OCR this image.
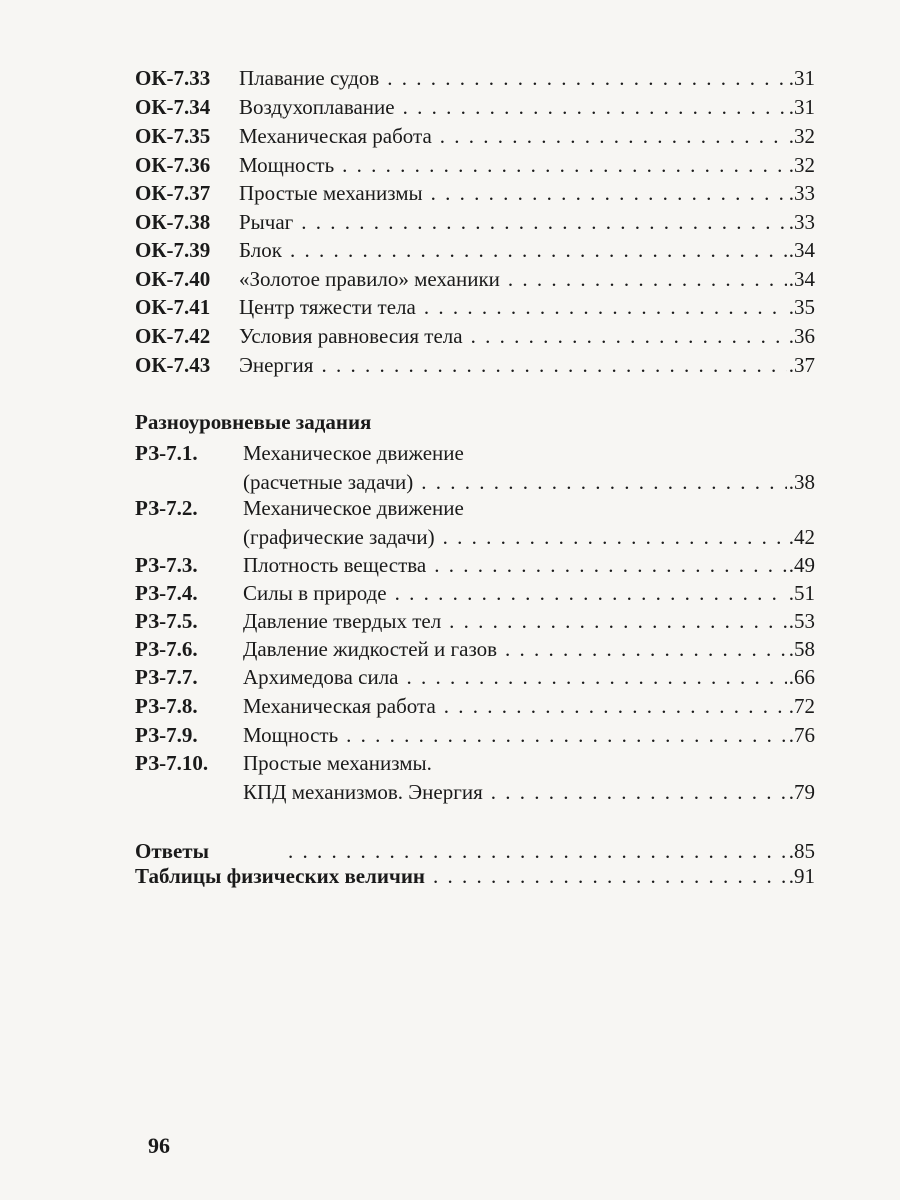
ОК-7.33	Плавание судов . . .	.31
ОК-7.34	Воздухоплавание . . .	.31
ОК-7.35	Механическая работа . . .	.32
ОК-7.36	Мощность . . .	.32
ОК-7.37	Простые механизмы . . .	.33
ОК-7.38	Рычаг . . .	.33
ОК-7.39	Блок . . .	.34
ОК-7.40	«Золотое правило» механики . . .	.34
ОК-7.41	Центр тяжести тела . . .	.35
ОК-7.42	Условия равновесия тела . . .	.36
ОК-7.43	Энергия . . .	.37
Разноуровневые задания
РЗ-7.1.	Механическое движение
(расчетные задачи) . . .	.38
РЗ-7.2.	Механическое движение
(графические задачи) . . .	.42
РЗ-7.3.	Плотность вещества . . .	.49
РЗ-7.4.	Силы в природе . . .	.51
РЗ-7.5.	Давление твердых тел . . .	.53
РЗ-7.6.	Давление жидкостей и газов . . .	.58
РЗ-7.7.	Архимедова сила . . .	.66
РЗ-7.8.	Механическая работа . . .	.72
РЗ-7.9.	Мощность . . .	.76
РЗ-7.10.	Простые механизмы.
КПД механизмов. Энергия . . .	.79
Ответы . . .	.85
Таблицы физических величин . . .	.91
96
